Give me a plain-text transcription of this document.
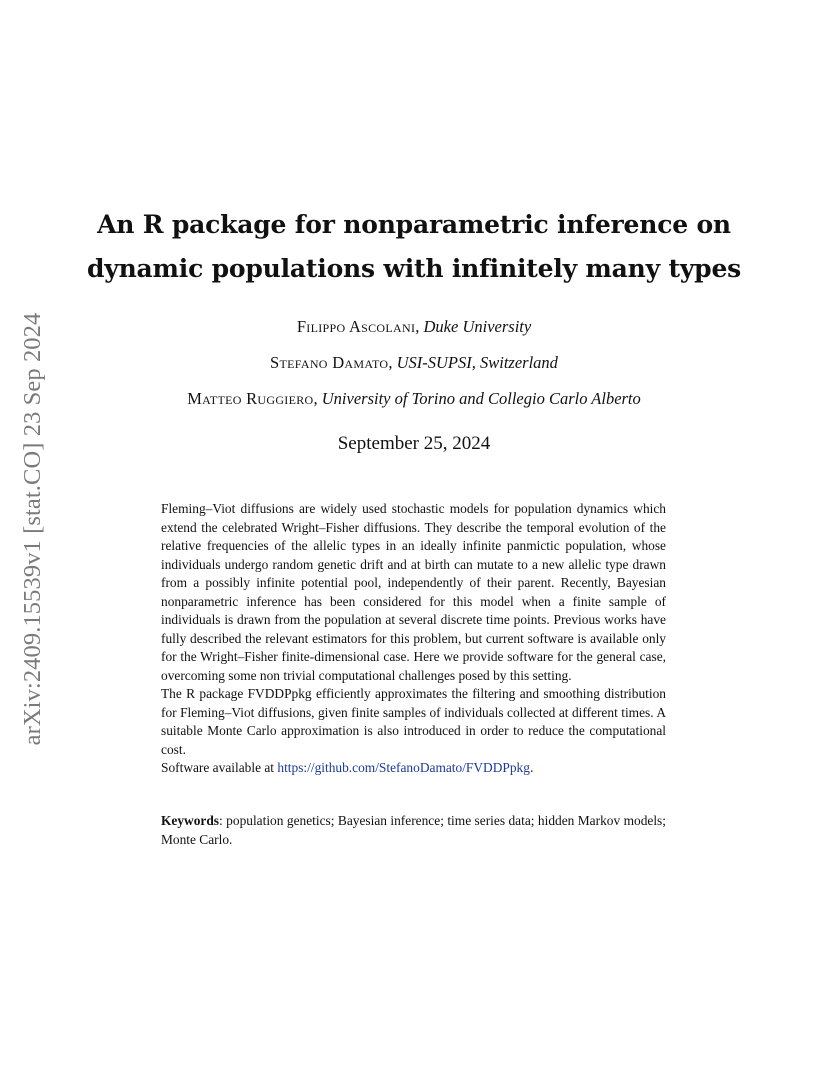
arXiv:2409.15539v1 [stat.CO] 23 Sep 2024
An R package for nonparametric inference on
dynamic populations with infinitely many types
Filippo Ascolani, Duke University
Stefano Damato, USI-SUPSI, Switzerland
Matteo Ruggiero, University of Torino and Collegio Carlo Alberto
September 25, 2024

Fleming–Viot diffusions are widely used stochastic models for population dynamics which extend the celebrated Wright–Fisher diffusions. They describe the temporal evolution of the relative frequencies of the allelic types in an ideally infinite panmictic population, whose individuals undergo random genetic drift and at birth can mutate to a new allelic type drawn from a possibly infinite potential pool, independently of their parent. Recently, Bayesian nonparametric inference has been considered for this model when a finite sample of individuals is drawn from the population at several discrete time points. Previous works have fully described the relevant estimators for this problem, but current software is available only for the Wright–Fisher finite-dimensional case. Here we provide software for the general case, overcoming some non trivial computational challenges posed by this setting.

The R package FVDDPpkg efficiently approximates the filtering and smoothing distribution for Fleming–Viot diffusions, given finite samples of individuals collected at different times. A suitable Monte Carlo approximation is also introduced in order to reduce the computational cost.

Software available at https://github.com/StefanoDamato/FVDDPpkg.

Keywords: population genetics; Bayesian inference; time series data; hidden Markov models; Monte Carlo.
